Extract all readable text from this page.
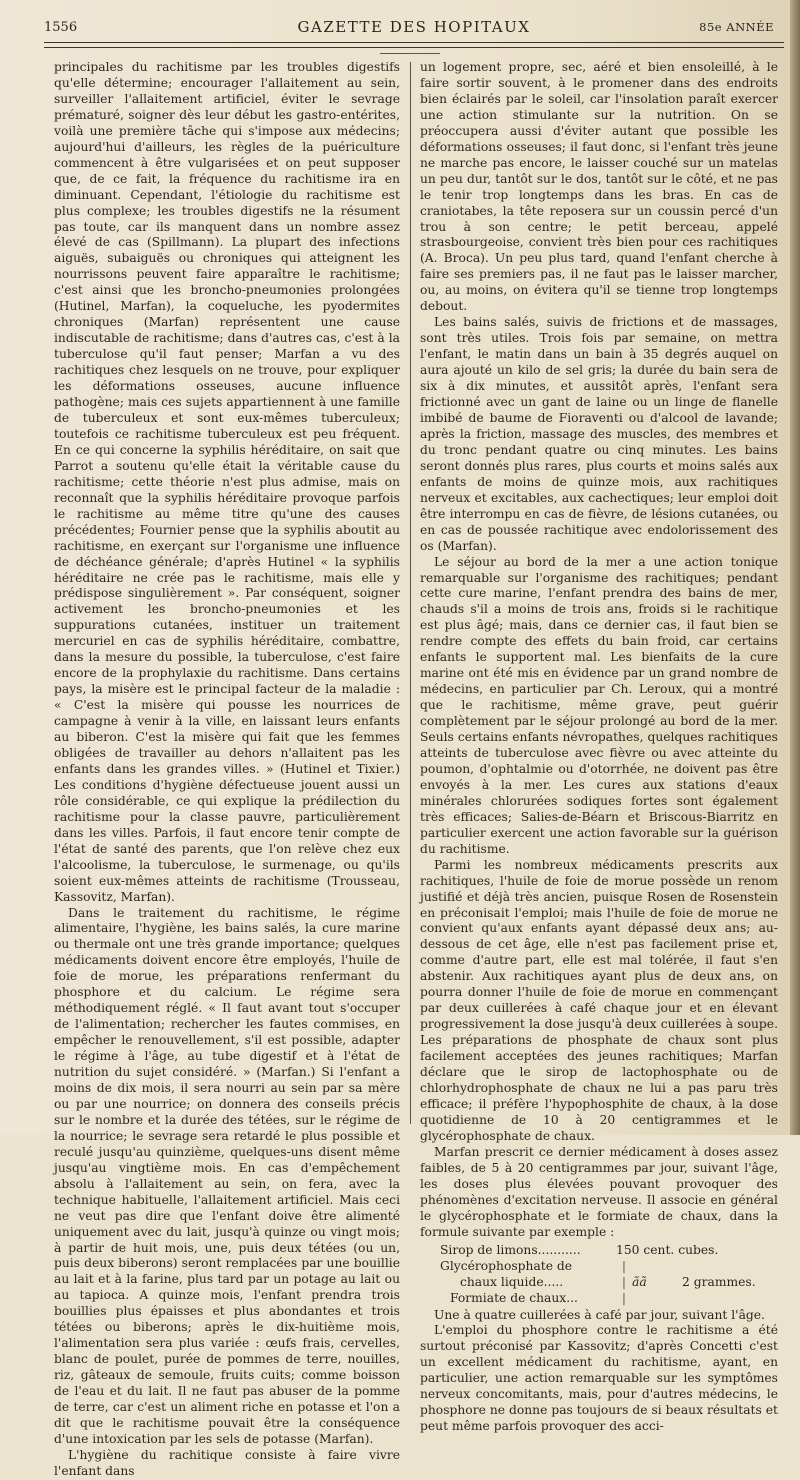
1556	GAZETTE DES HOPITAUX	85e ANNÉE

principales du rachitisme par les troubles digestifs qu'elle détermine; encourager l'allaitement au sein, surveiller l'allaitement artificiel, éviter le sevrage prématuré, soigner dès leur début les gastro-entérites, voilà une première tâche qui s'impose aux médecins; aujourd'hui d'ailleurs, les règles de la puériculture commencent à être vulgarisées et on peut supposer que, de ce fait, la fréquence du rachitisme ira en diminuant. Cependant, l'étiologie du rachitisme est plus complexe; les troubles digestifs ne la résument pas toute, car ils manquent dans un nombre assez élevé de cas (Spillmann). La plupart des infections aiguës, subaiguës ou chroniques qui atteignent les nourrissons peuvent faire apparaître le rachitisme; c'est ainsi que les broncho-pneumonies prolongées (Hutinel, Marfan), la coqueluche, les pyodermites chroniques (Marfan) représentent une cause indiscutable de rachitisme; dans d'autres cas, c'est à la tuberculose qu'il faut penser; Marfan a vu des rachitiques chez lesquels on ne trouve, pour expliquer les déformations osseuses, aucune influence pathogène; mais ces sujets appartiennent à une famille de tuberculeux et sont eux-mêmes tuberculeux; toutefois ce rachitisme tuberculeux est peu fréquent. En ce qui concerne la syphilis héréditaire, on sait que Parrot a soutenu qu'elle était la véritable cause du rachitisme; cette théorie n'est plus admise, mais on reconnaît que la syphilis héréditaire provoque parfois le rachitisme au même titre qu'une des causes précédentes; Fournier pense que la syphilis aboutit au rachitisme, en exerçant sur l'organisme une influence de déchéance générale; d'après Hutinel « la syphilis héréditaire ne crée pas le rachitisme, mais elle y prédispose singulièrement ». Par conséquent, soigner activement les broncho-pneumonies et les suppurations cutanées, instituer un traitement mercuriel en cas de syphilis héréditaire, combattre, dans la mesure du possible, la tuberculose, c'est faire encore de la prophylaxie du rachitisme. Dans certains pays, la misère est le principal facteur de la maladie : « C'est la misère qui pousse les nourrices de campagne à venir à la ville, en laissant leurs enfants au biberon. C'est la misère qui fait que les femmes obligées de travailler au dehors n'allaitent pas les enfants dans les grandes villes. » (Hutinel et Tixier.) Les conditions d'hygiène défectueuse jouent aussi un rôle considérable, ce qui explique la prédilection du rachitisme pour la classe pauvre, particulièrement dans les villes. Parfois, il faut encore tenir compte de l'état de santé des parents, que l'on relève chez eux l'alcoolisme, la tuberculose, le surmenage, ou qu'ils soient eux-mêmes atteints de rachitisme (Trousseau, Kassovitz, Marfan).

Dans le traitement du rachitisme, le régime alimentaire, l'hygiène, les bains salés, la cure marine ou thermale ont une très grande importance; quelques médicaments doivent encore être employés, l'huile de foie de morue, les préparations renfermant du phosphore et du calcium. Le régime sera méthodiquement réglé. « Il faut avant tout s'occuper de l'alimentation; rechercher les fautes commises, en empêcher le renouvellement, s'il est possible, adapter le régime à l'âge, au tube digestif et à l'état de nutrition du sujet considéré. » (Marfan.) Si l'enfant a moins de dix mois, il sera nourri au sein par sa mère ou par une nourrice; on donnera des conseils précis sur le nombre et la durée des tétées, sur le régime de la nourrice; le sevrage sera retardé le plus possible et reculé jusqu'au quinzième, quelques-uns disent même jusqu'au vingtième mois. En cas d'empêchement absolu à l'allaitement au sein, on fera, avec la technique habituelle, l'allaitement artificiel. Mais ceci ne veut pas dire que l'enfant doive être alimenté uniquement avec du lait, jusqu'à quinze ou vingt mois; à partir de huit mois, une, puis deux tétées (ou un, puis deux biberons) seront remplacées par une bouillie au lait et à la farine, plus tard par un potage au lait ou au tapioca. A quinze mois, l'enfant prendra trois bouillies plus épaisses et plus abondantes et trois tétées ou biberons; après le dix-huitième mois, l'alimentation sera plus variée : œufs frais, cervelles, blanc de poulet, purée de pommes de terre, nouilles, riz, gâteaux de semoule, fruits cuits; comme boisson de l'eau et du lait. Il ne faut pas abuser de la pomme de terre, car c'est un aliment riche en potasse et l'on a dit que le rachitisme pouvait être la conséquence d'une intoxication par les sels de potasse (Marfan).

L'hygiène du rachitique consiste à faire vivre l'enfant dans

un logement propre, sec, aéré et bien ensoleillé, à le faire sortir souvent, à le promener dans des endroits bien éclairés par le soleil, car l'insolation paraît exercer une action stimulante sur la nutrition. On se préoccupera aussi d'éviter autant que possible les déformations osseuses; il faut donc, si l'enfant très jeune ne marche pas encore, le laisser couché sur un matelas un peu dur, tantôt sur le dos, tantôt sur le côté, et ne pas le tenir trop longtemps dans les bras. En cas de craniotabes, la tête reposera sur un coussin percé d'un trou à son centre; le petit berceau, appelé strasbourgeoise, convient très bien pour ces rachitiques (A. Broca). Un peu plus tard, quand l'enfant cherche à faire ses premiers pas, il ne faut pas le laisser marcher, ou, au moins, on évitera qu'il se tienne trop longtemps debout.

Les bains salés, suivis de frictions et de massages, sont très utiles. Trois fois par semaine, on mettra l'enfant, le matin dans un bain à 35 degrés auquel on aura ajouté un kilo de sel gris; la durée du bain sera de six à dix minutes, et aussitôt après, l'enfant sera frictionné avec un gant de laine ou un linge de flanelle imbibé de baume de Fioraventi ou d'alcool de lavande; après la friction, massage des muscles, des membres et du tronc pendant quatre ou cinq minutes. Les bains seront donnés plus rares, plus courts et moins salés aux enfants de moins de quinze mois, aux rachitiques nerveux et excitables, aux cachectiques; leur emploi doit être interrompu en cas de fièvre, de lésions cutanées, ou en cas de poussée rachitique avec endolorissement des os (Marfan).

Le séjour au bord de la mer a une action tonique remarquable sur l'organisme des rachitiques; pendant cette cure marine, l'enfant prendra des bains de mer, chauds s'il a moins de trois ans, froids si le rachitique est plus âgé; mais, dans ce dernier cas, il faut bien se rendre compte des effets du bain froid, car certains enfants le supportent mal. Les bienfaits de la cure marine ont été mis en évidence par un grand nombre de médecins, en particulier par Ch. Leroux, qui a montré que le rachitisme, même grave, peut guérir complètement par le séjour prolongé au bord de la mer. Seuls certains enfants névropathes, quelques rachitiques atteints de tuberculose avec fièvre ou avec atteinte du poumon, d'ophtalmie ou d'otorrhée, ne doivent pas être envoyés à la mer. Les cures aux stations d'eaux minérales chlorurées sodiques fortes sont également très efficaces; Salies-de-Béarn et Briscous-Biarritz en particulier exercent une action favorable sur la guérison du rachitisme.

Parmi les nombreux médicaments prescrits aux rachitiques, l'huile de foie de morue possède un renom justifié et déjà très ancien, puisque Rosen de Rosenstein en préconisait l'emploi; mais l'huile de foie de morue ne convient qu'aux enfants ayant dépassé deux ans; au-dessous de cet âge, elle n'est pas facilement prise et, comme d'autre part, elle est mal tolérée, il faut s'en abstenir. Aux rachitiques ayant plus de deux ans, on pourra donner l'huile de foie de morue en commençant par deux cuillerées à café chaque jour et en élevant progressivement la dose jusqu'à deux cuillerées à soupe. Les préparations de phosphate de chaux sont plus facilement acceptées des jeunes rachitiques; Marfan déclare que le sirop de lactophosphate ou de chlorhydrophosphate de chaux ne lui a pas paru très efficace; il préfère l'hypophosphite de chaux, à la dose quotidienne de 10 à 20 centigrammes et le glycérophosphate de chaux.

Marfan prescrit ce dernier médicament à doses assez faibles, de 5 à 20 centigrammes par jour, suivant l'âge, les doses plus élevées pouvant provoquer des phénomènes d'excitation nerveuse. Il associe en général le glycérophosphate et le formiate de chaux, dans la formule suivante par exemple :

Sirop de limons...........	150 cent. cubes.
Glycérophosphate de	|
chaux liquide.....	| ãã	2 grammes.
Formiate de chaux...	|

Une à quatre cuillerées à café par jour, suivant l'âge.

L'emploi du phosphore contre le rachitisme a été surtout préconisé par Kassovitz; d'après Concetti c'est un excellent médicament du rachitisme, ayant, en particulier, une action remarquable sur les symptômes nerveux concomitants, mais, pour d'autres médecins, le phosphore ne donne pas toujours de si beaux résultats et peut même parfois provoquer des acci-
